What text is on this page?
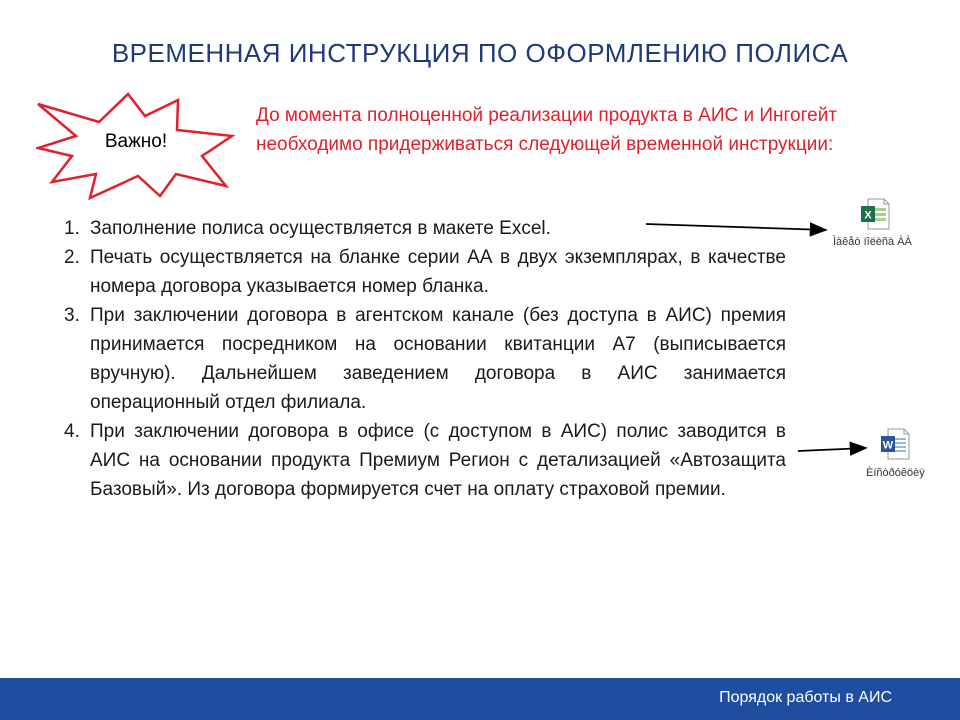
ВРЕМЕННАЯ ИНСТРУКЦИЯ ПО ОФОРМЛЕНИЮ ПОЛИСА
Важно!
До момента полноценной реализации продукта в АИС и Ингогейт необходимо придерживаться следующей временной инструкции:
1. Заполнение полиса осуществляется в макете Excel.
2. Печать осуществляется на бланке серии АА в двух экземплярах, в качестве номера договора указывается номер бланка.
3. При заключении договора в агентском канале (без доступа в АИС) премия принимается посредником на основании квитанции А7 (выписывается вручную). Дальнейшем заведением договора в АИС занимается операционный отдел филиала.
4. При заключении договора в офисе (с доступом в АИС) полис заводится в АИС на основании продукта Премиум Регион с детализацией «Автозащита Базовый». Из договора формируется счет на оплату страховой премии.
X
Ìàêåò ïîëèñà ÀÀ
W
Èíñòðóêöèÿ
Порядок работы в АИС
